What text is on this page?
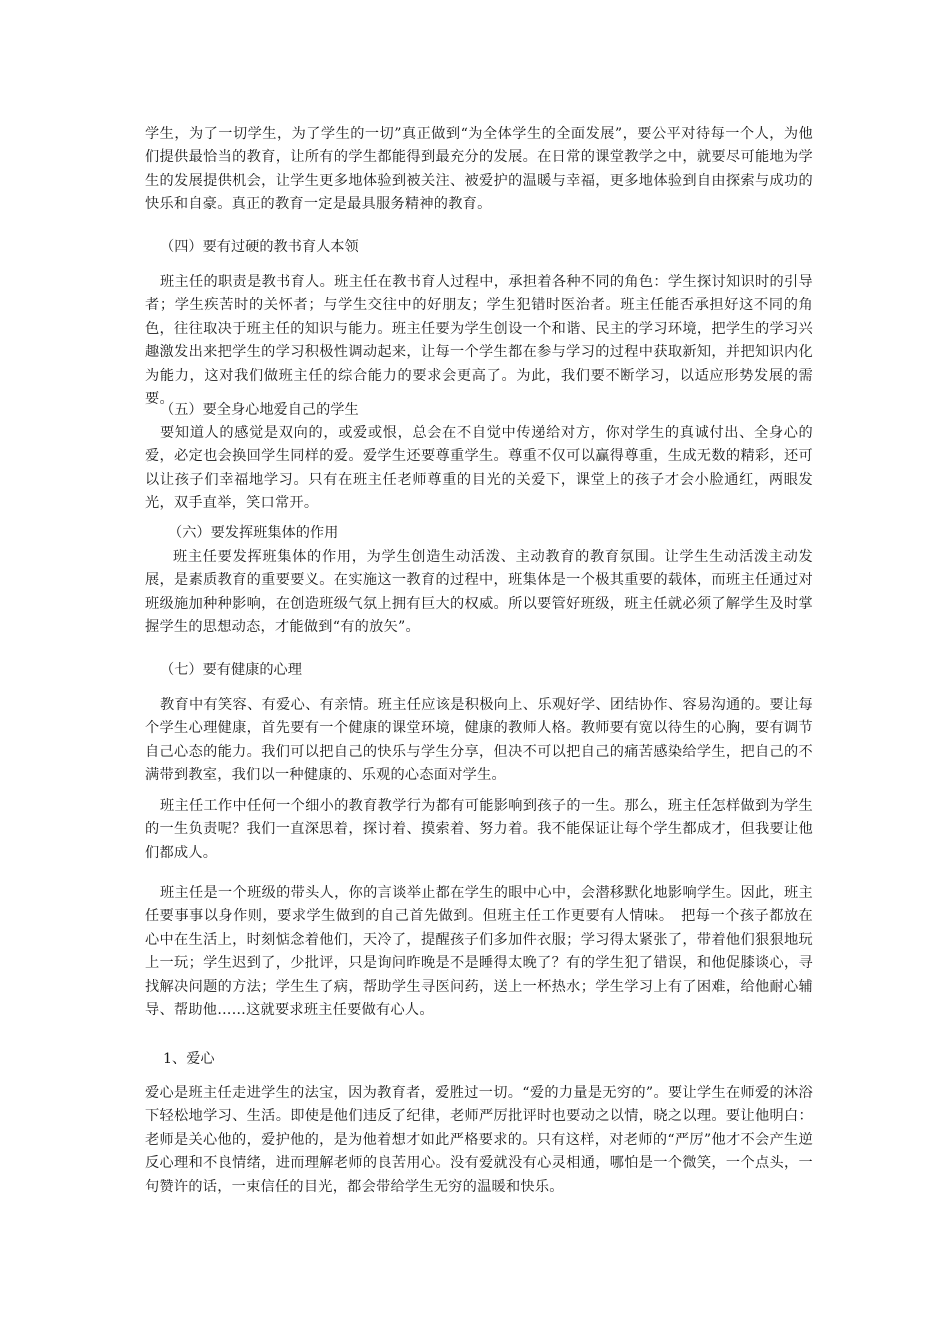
学生，为了一切学生，为了学生的一切”真正做到“为全体学生的全面发展”，要公平对待每一个人，为他们提供最恰当的教育，让所有的学生都能得到最充分的发展。在日常的课堂教学之中，就要尽可能地为学生的发展提供机会，让学生更多地体验到被关注、被爱护的温暖与幸福，更多地体验到自由探索与成功的快乐和自豪。真正的教育一定是最具服务精神的教育。

（四）要有过硬的教书育人本领

班主任的职责是教书育人。班主任在教书育人过程中，承担着各种不同的角色：学生探讨知识时的引导者；学生疾苦时的关怀者；与学生交往中的好朋友；学生犯错时医治者。班主任能否承担好这不同的角色，往往取决于班主任的知识与能力。班主任要为学生创设一个和谐、民主的学习环境，把学生的学习兴趣激发出来把学生的学习积极性调动起来，让每一个学生都在参与学习的过程中获取新知，并把知识内化为能力，这对我们做班主任的综合能力的要求会更高了。为此，我们要不断学习，以适应形势发展的需要。

（五）要全身心地爱自己的学生

要知道人的感觉是双向的，或爱或恨，总会在不自觉中传递给对方，你对学生的真诚付出、全身心的爱，必定也会换回学生同样的爱。爱学生还要尊重学生。尊重不仅可以赢得尊重，生成无数的精彩，还可以让孩子们幸福地学习。只有在班主任老师尊重的目光的关爱下，课堂上的孩子才会小脸通红，两眼发光，双手直举，笑口常开。

（六）要发挥班集体的作用

班主任要发挥班集体的作用，为学生创造生动活泼、主动教育的教育氛围。让学生生动活泼主动发展，是素质教育的重要要义。在实施这一教育的过程中，班集体是一个极其重要的载体，而班主任通过对班级施加种种影响，在创造班级气氛上拥有巨大的权威。所以要管好班级，班主任就必须了解学生及时掌握学生的思想动态，才能做到“有的放矢”。

（七）要有健康的心理

教育中有笑容、有爱心、有亲情。班主任应该是积极向上、乐观好学、团结协作、容易沟通的。要让每个学生心理健康，首先要有一个健康的课堂环境，健康的教师人格。教师要有宽以待生的心胸，要有调节自己心态的能力。我们可以把自己的快乐与学生分享，但决不可以把自己的痛苦感染给学生，把自己的不满带到教室，我们以一种健康的、乐观的心态面对学生。

班主任工作中任何一个细小的教育教学行为都有可能影响到孩子的一生。那么，班主任怎样做到为学生的一生负责呢？我们一直深思着，探讨着、摸索着、努力着。我不能保证让每个学生都成才，但我要让他们都成人。

班主任是一个班级的带头人，你的言谈举止都在学生的眼中心中，会潜移默化地影响学生。因此，班主任要事事以身作则，要求学生做到的自己首先做到。但班主任工作更要有人情味。　把每一个孩子都放在心中在生活上，时刻惦念着他们，天冷了，提醒孩子们多加件衣服；学习得太紧张了，带着他们狠狠地玩上一玩；学生迟到了，少批评，只是询问昨晚是不是睡得太晚了？有的学生犯了错误，和他促膝谈心，寻找解决问题的方法；学生生了病，帮助学生寻医问药，送上一杯热水；学生学习上有了困难，给他耐心辅导、帮助他……这就要求班主任要做有心人。

1、爱心

爱心是班主任走进学生的法宝，因为教育者，爱胜过一切。“爱的力量是无穷的”。要让学生在师爱的沐浴下轻松地学习、生活。即使是他们违反了纪律，老师严厉批评时也要动之以情，晓之以理。要让他明白：老师是关心他的，爱护他的，是为他着想才如此严格要求的。只有这样，对老师的“严厉”他才不会产生逆反心理和不良情绪，进而理解老师的良苦用心。没有爱就没有心灵相通，哪怕是一个微笑，一个点头，一句赞许的话，一束信任的目光，都会带给学生无穷的温暖和快乐。
